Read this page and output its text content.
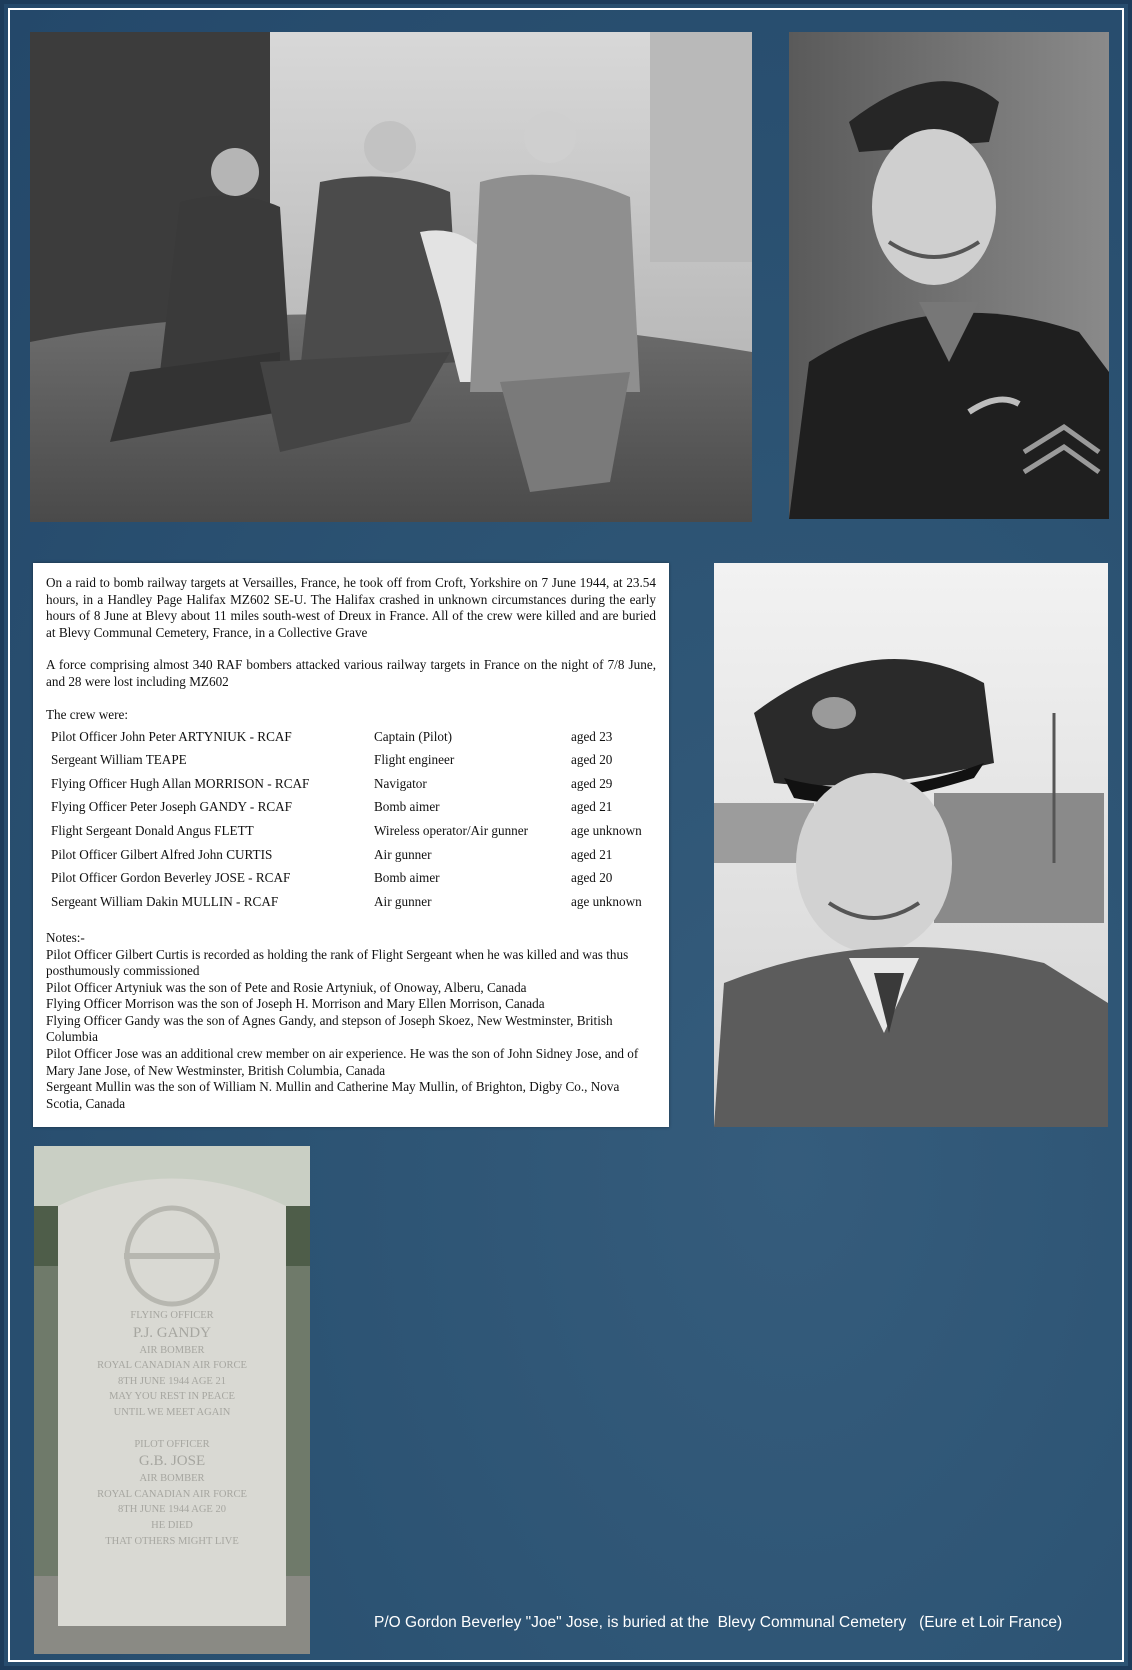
On a raid to bomb railway targets at Versailles, France, he took off from Croft, Yorkshire on 7 June 1944, at 23.54 hours, in a Handley Page Halifax MZ602 SE-U. The Halifax crashed in unknown circumstances during the early hours of 8 June at Blevy about 11 miles south-west of Dreux in France. All of the crew were killed and are buried at Blevy Communal Cemetery, France, in a Collective Grave

A force comprising almost 340 RAF bombers attacked various railway targets in France on the night of 7/8 June, and 28 were lost including MZ602

The crew were:

Pilot Officer John Peter ARTYNIUK - RCAF	Captain (Pilot)	aged 23
Sergeant William TEAPE	Flight engineer	aged 20
Flying Officer Hugh Allan MORRISON - RCAF	Navigator	aged 29
Flying Officer Peter Joseph GANDY - RCAF	Bomb aimer	aged 21
Flight Sergeant Donald Angus FLETT	Wireless operator/Air gunner	age unknown
Pilot Officer Gilbert Alfred John CURTIS	Air gunner	aged 21
Pilot Officer Gordon Beverley JOSE - RCAF	Bomb aimer	aged 20
Sergeant William Dakin MULLIN - RCAF	Air gunner	age unknown

Notes:-

Pilot Officer Gilbert Curtis is recorded as holding the rank of Flight Sergeant when he was killed and was thus posthumously commissioned

Pilot Officer Artyniuk was the son of Pete and Rosie Artyniuk, of Onoway, Alberu, Canada

Flying Officer Morrison was the son of Joseph H. Morrison and Mary Ellen Morrison, Canada

Flying Officer Gandy was the son of Agnes Gandy, and stepson of Joseph Skoez, New Westminster, British Columbia

Pilot Officer Jose was an additional crew member on air experience. He was the son of John Sidney Jose, and of Mary Jane Jose, of New Westminster, British Columbia, Canada

Sergeant Mullin was the son of William N. Mullin and Catherine May Mullin, of Brighton, Digby Co., Nova Scotia, Canada

FLYING OFFICER
P.J. GANDY
AIR BOMBER
ROYAL CANADIAN AIR FORCE
8TH JUNE 1944 AGE 21
MAY YOU REST IN PEACE
UNTIL WE MEET AGAIN
PILOT OFFICER
G.B. JOSE
AIR BOMBER
ROYAL CANADIAN AIR FORCE
8TH JUNE 1944 AGE 20
HE DIED
THAT OTHERS MIGHT LIVE
P/O Gordon Beverley "Joe" Jose, is buried at the  Blevy Communal Cemetery   (Eure et Loir France)
